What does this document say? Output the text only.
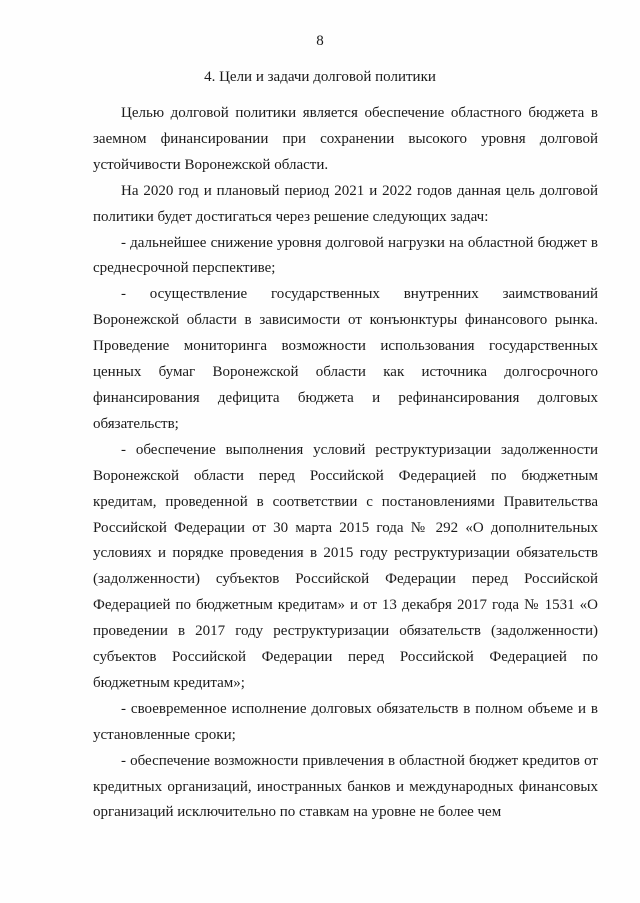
8
4. Цели и задачи долговой политики

Целью долговой политики является обеспечение областного бюджета в заемном финансировании при сохранении высокого уровня долговой устойчивости Воронежской области.

На 2020 год и плановый период 2021 и 2022 годов данная цель долговой политики будет достигаться через решение следующих задач:

- дальнейшее снижение уровня долговой нагрузки на областной бюджет в среднесрочной перспективе;

- осуществление государственных внутренних заимствований Воронежской области в зависимости от конъюнктуры финансового рынка. Проведение мониторинга возможности использования государственных ценных бумаг Воронежской области как источника долгосрочного финансирования дефицита бюджета и рефинансирования долговых обязательств;

- обеспечение выполнения условий реструктуризации задолженности Воронежской области перед Российской Федерацией по бюджетным кредитам, проведенной в соответствии с постановлениями Правительства Российской Федерации от 30 марта 2015 года № 292 «О дополнительных условиях и порядке проведения в 2015 году реструктуризации обязательств (задолженности) субъектов Российской Федерации перед Российской Федерацией по бюджетным кредитам» и от 13 декабря 2017 года № 1531 «О проведении в 2017 году реструктуризации обязательств (задолженности) субъектов Российской Федерации перед Российской Федерацией по бюджетным кредитам»;

- своевременное исполнение долговых обязательств в полном объеме и в установленные сроки;

- обеспечение возможности привлечения в областной бюджет кредитов от кредитных организаций, иностранных банков и международных финансовых организаций исключительно по ставкам на уровне не более чем
